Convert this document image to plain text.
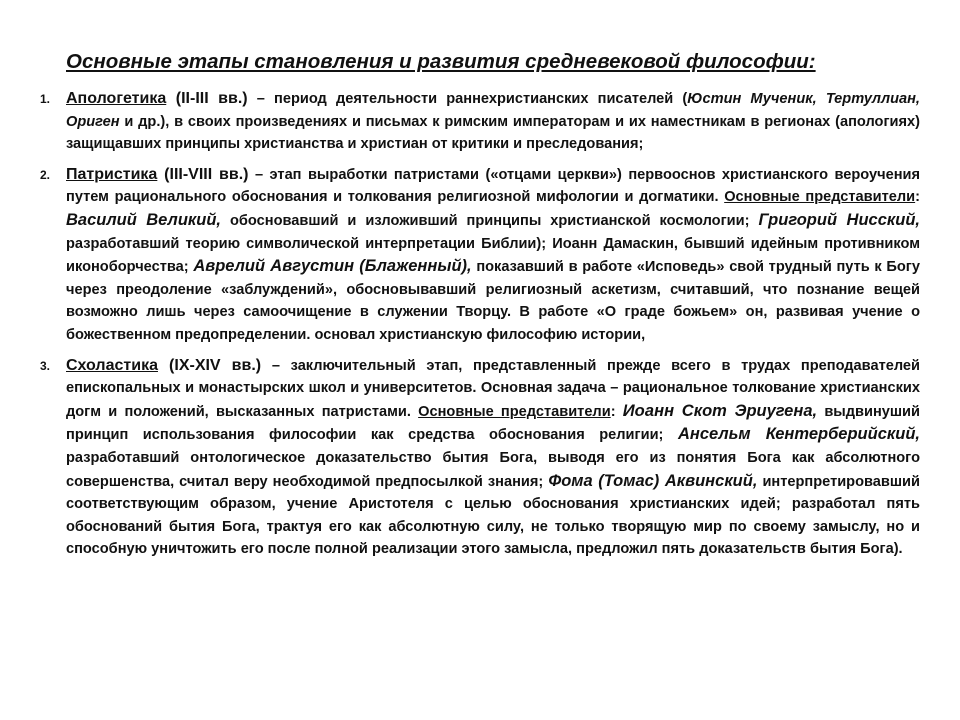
Основные этапы становления и развития средневековой философии:
1. Апологетика (II-III вв.) – период деятельности раннехристианских писателей (Юстин Мученик, Тертуллиан, Ориген и др.), в своих произведениях и письмах к римским императорам и их наместникам в регионах (апологиях) защищавших принципы христианства и христиан от критики и преследования;
2. Патристика (III-VIII вв.) – этап выработки патристами («отцами церкви») первооснов христианского вероучения путем рационального обоснования и толкования религиозной мифологии и догматики. Основные представители: Василий Великий, обосновавший и изложивший принципы христианской космологии; Григорий Нисский, разработавший теорию символической интерпретации Библии); Иоанн Дамаскин, бывший идейным противником иконоборчества; Аврелий Августин (Блаженный), показавший в работе «Исповедь» свой трудный путь к Богу через преодоление «заблуждений», обосновывавший религиозный аскетизм, считавший, что познание вещей возможно лишь через самоочищение в служении Творцу. В работе «О граде божьем» он, развивая учение о божественном предопределении. основал христианскую философию истории,
3. Схоластика (IX-XIV вв.) – заключительный этап, представленный прежде всего в трудах преподавателей епископальных и монастырских школ и университетов. Основная задача – рациональное толкование христианских догм и положений, высказанных патристами. Основные представители: Иоанн Скот Эриугена, выдвинуший принцип использования философии как средства обоснования религии; Ансельм Кентерберийский, разработавший онтологическое доказательство бытия Бога, выводя его из понятия Бога как абсолютного совершенства, считал веру необходимой предпосылкой знания; Фома (Томас) Аквинский, интерпретировавший соответствующим образом, учение Аристотеля с целью обоснования христианских идей; разработал пять обоснований бытия Бога, трактуя его как абсолютную силу, не только творящую мир по своему замыслу, но и способную уничтожить его после полной реализации этого замысла, предложил пять доказательств бытия Бога).
